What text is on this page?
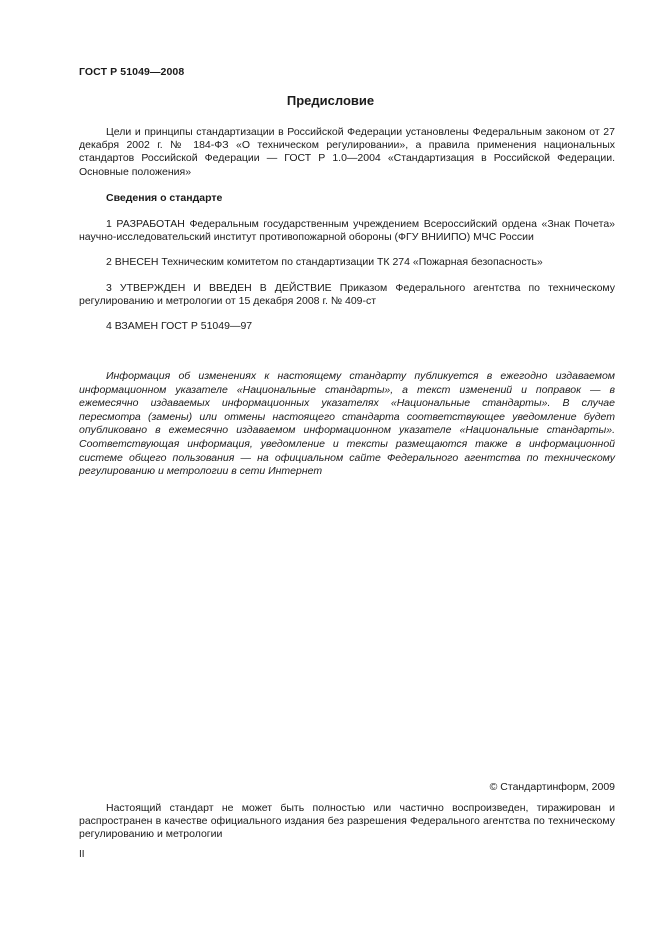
ГОСТ Р 51049—2008
Предисловие
Цели и принципы стандартизации в Российской Федерации установлены Федеральным законом от 27 декабря 2002 г. № 184-ФЗ «О техническом регулировании», а правила применения национальных стандартов Российской Федерации — ГОСТ Р 1.0—2004 «Стандартизация в Российской Федерации. Основные положения»
Сведения о стандарте
1 РАЗРАБОТАН Федеральным государственным учреждением Всероссийский ордена «Знак Почета» научно-исследовательский институт противопожарной обороны (ФГУ ВНИИПО) МЧС России
2 ВНЕСЕН Техническим комитетом по стандартизации ТК 274 «Пожарная безопасность»
3 УТВЕРЖДЕН И ВВЕДЕН В ДЕЙСТВИЕ Приказом Федерального агентства по техническому регулированию и метрологии от 15 декабря 2008 г. № 409-ст
4 ВЗАМЕН ГОСТ Р 51049—97
Информация об изменениях к настоящему стандарту публикуется в ежегодно издаваемом информационном указателе «Национальные стандарты», а текст изменений и поправок — в ежемесячно издаваемых информационных указателях «Национальные стандарты». В случае пересмотра (замены) или отмены настоящего стандарта соответствующее уведомление будет опубликовано в ежемесячно издаваемом информационном указателе «Национальные стандарты». Соответствующая информация, уведомление и тексты размещаются также в информационной системе общего пользования — на официальном сайте Федерального агентства по техническому регулированию и метрологии в сети Интернет
© Стандартинформ, 2009
Настоящий стандарт не может быть полностью или частично воспроизведен, тиражирован и распространен в качестве официального издания без разрешения Федерального агентства по техническому регулированию и метрологии
II
